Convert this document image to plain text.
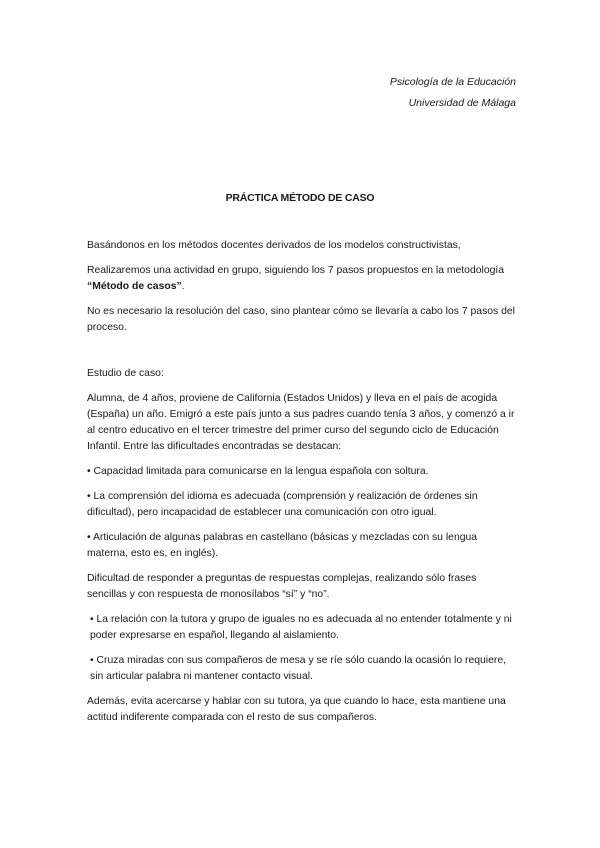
Psicología de la Educación
Universidad de Málaga
PRÁCTICA MÉTODO DE CASO

Basándonos en los métodos docentes derivados de los modelos constructivistas,

Realizaremos una actividad en grupo, siguiendo los 7 pasos propuestos en la metodología “Método de casos”.

No es necesario la resolución del caso, sino plantear cómo se llevaría a cabo los 7 pasos del proceso.

Estudio de caso:

Alumna, de 4 años, proviene de California (Estados Unidos) y lleva en el país de acogida (España) un año. Emigró a este país junto a sus padres cuando tenía 3 años, y comenzó a ir al centro educativo en el tercer trimestre del primer curso del segundo ciclo de Educación Infantil. Entre las dificultades encontradas se destacan:

• Capacidad limitada para comunicarse en la lengua española con soltura.

• La comprensión del idioma es adecuada (comprensión y realización de órdenes sin dificultad), pero incapacidad de establecer una comunicación con otro igual.

• Articulación de algunas palabras en castellano (básicas y mezcladas con su lengua materna, esto es, en inglés).

Dificultad de responder a preguntas de respuestas complejas, realizando sólo frases sencillas y con respuesta de monosílabos “sí” y “no”.

• La relación con la tutora y grupo de iguales no es adecuada al no entender totalmente y ni poder expresarse en español, llegando al aislamiento.

• Cruza miradas con sus compañeros de mesa y se ríe sólo cuando la ocasión lo requiere, sin articular palabra ni mantener contacto visual.

Además, evita acercarse y hablar con su tutora, ya que cuando lo hace, esta mantiene una actitud indiferente comparada con el resto de sus compañeros.
